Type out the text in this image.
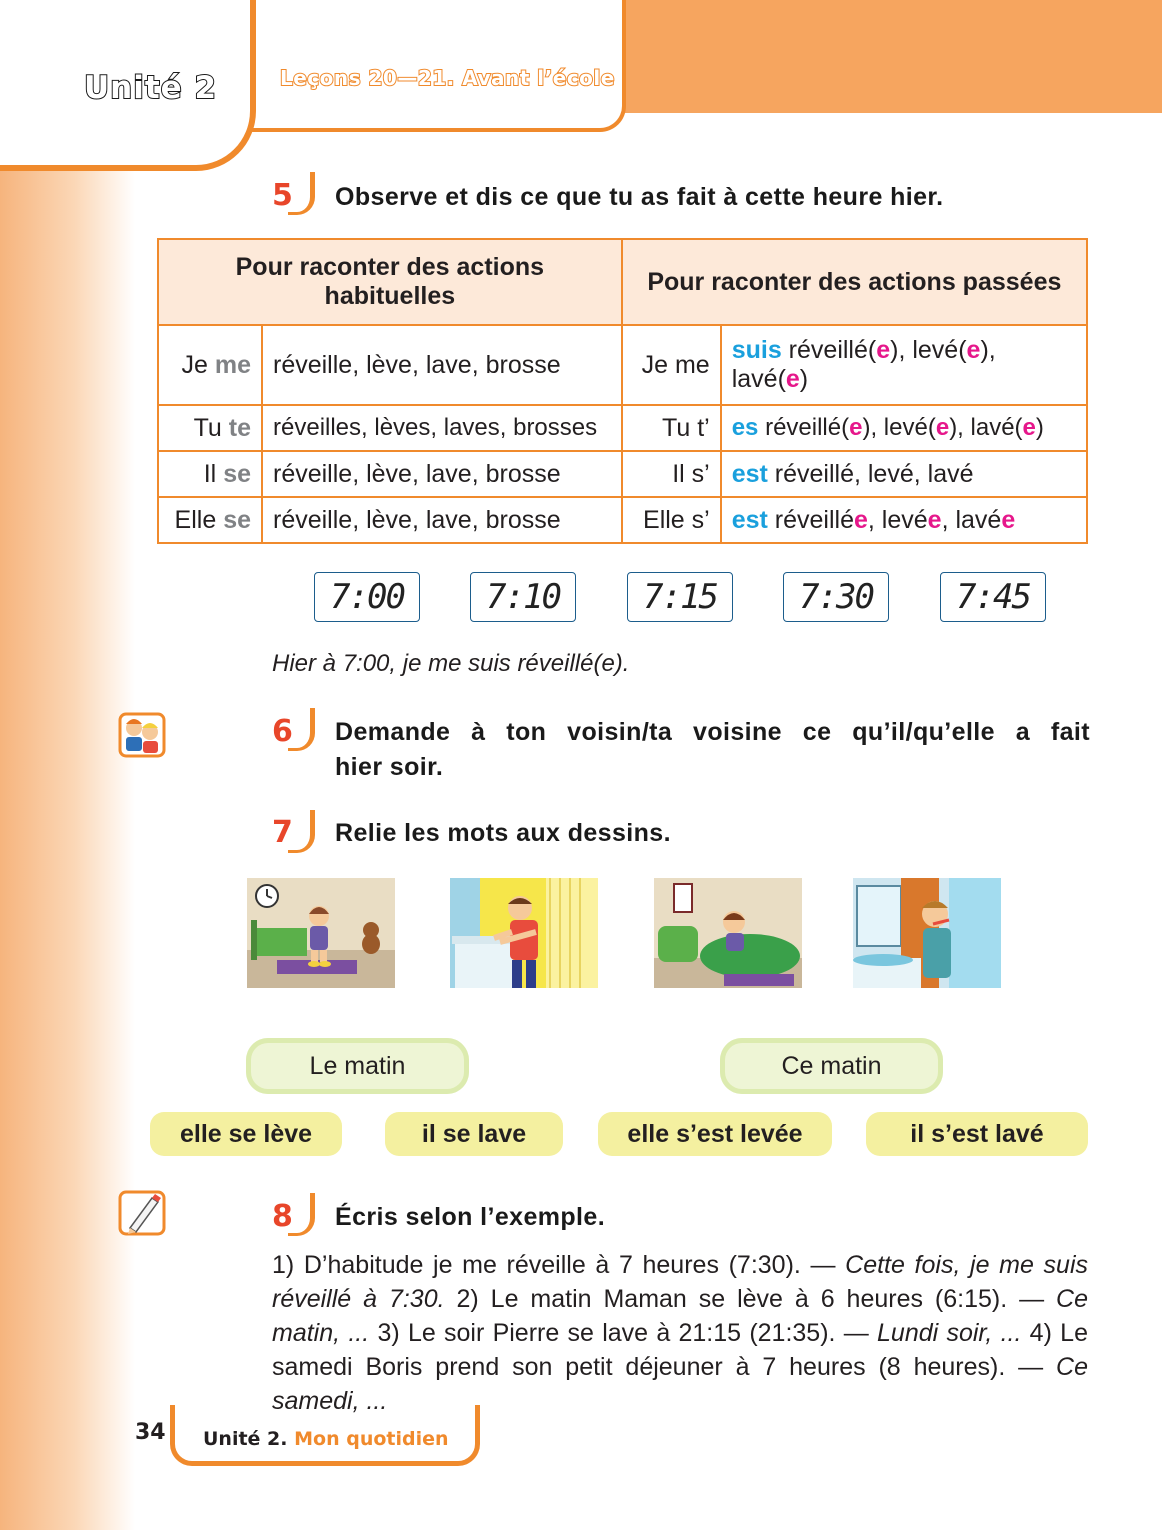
Unité 2	Leçons 20—21. Avant l’école
5 Observe et dis ce que tu as fait à cette heure hier.
Pour raconter des actions habituelles		Pour raconter des actions passées	
Je me	réveille, lève, lave, brosse	Je me	suis réveillé(e), levé(e), lavé(e)
Tu te	réveilles, lèves, laves, brosses	Tu t’	es réveillé(e), levé(e), lavé(e)
Il se	réveille, lève, lave, brosse	Il s’	est réveillé, levé, lavé
Elle se	réveille, lève, lave, brosse	Elle s’	est réveillée, levée, lavée
7:00	7:10	7:15	7:30	7:45
Hier à 7:00, je me suis réveillé(e).
6 Demande à ton voisin/ta voisine ce qu’il/qu’elle a fait
hier soir.
7 Relie les mots aux dessins.
Le matin	Ce matin
elle se lève	il se lave	elle s’est levée	il s’est lavé
8 Écris selon l’exemple.
1) D’habitude je me réveille à 7 heures (7:30). — Cette fois, je me suis réveillé à 7:30. 2) Le matin Maman se lève à 6 heures (6:15). — Ce matin, ... 3) Le soir Pierre se lave à 21:15 (21:35). — Lundi soir, ... 4) Le samedi Boris prend son petit déjeuner à 7 heures (8 heures). — Ce samedi, ...
34 Unité 2. Mon quotidien
